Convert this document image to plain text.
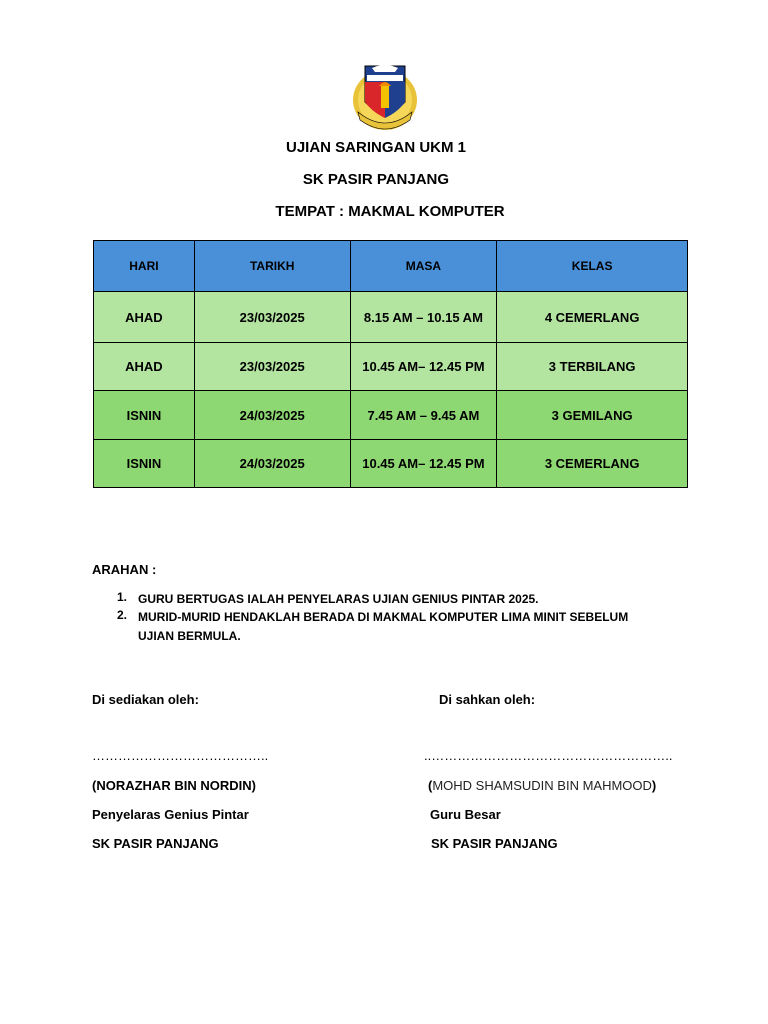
UJIAN SARINGAN UKM 1
SK PASIR PANJANG
TEMPAT : MAKMAL KOMPUTER
HARI	TARIKH	MASA	KELAS
AHAD	23/03/2025	8.15 AM – 10.15 AM	4 CEMERLANG
AHAD	23/03/2025	10.45 AM– 12.45 PM	3 TERBILANG
ISNIN	24/03/2025	7.45 AM – 9.45 AM	3 GEMILANG
ISNIN	24/03/2025	10.45 AM– 12.45 PM	3 CEMERLANG
ARAHAN :
1. GURU BERTUGAS IALAH PENYELARAS UJIAN GENIUS PINTAR 2025.
2. MURID-MURID HENDAKLAH BERADA DI MAKMAL KOMPUTER LIMA MINIT SEBELUM UJIAN BERMULA.
Di sediakan oleh:
…………………………………..
(NORAZHAR BIN NORDIN)
Penyelaras Genius Pintar
SK PASIR PANJANG
Di sahkan oleh:
..………………………………………………..
(MOHD SHAMSUDIN BIN MAHMOOD)
Guru Besar
SK PASIR PANJANG
